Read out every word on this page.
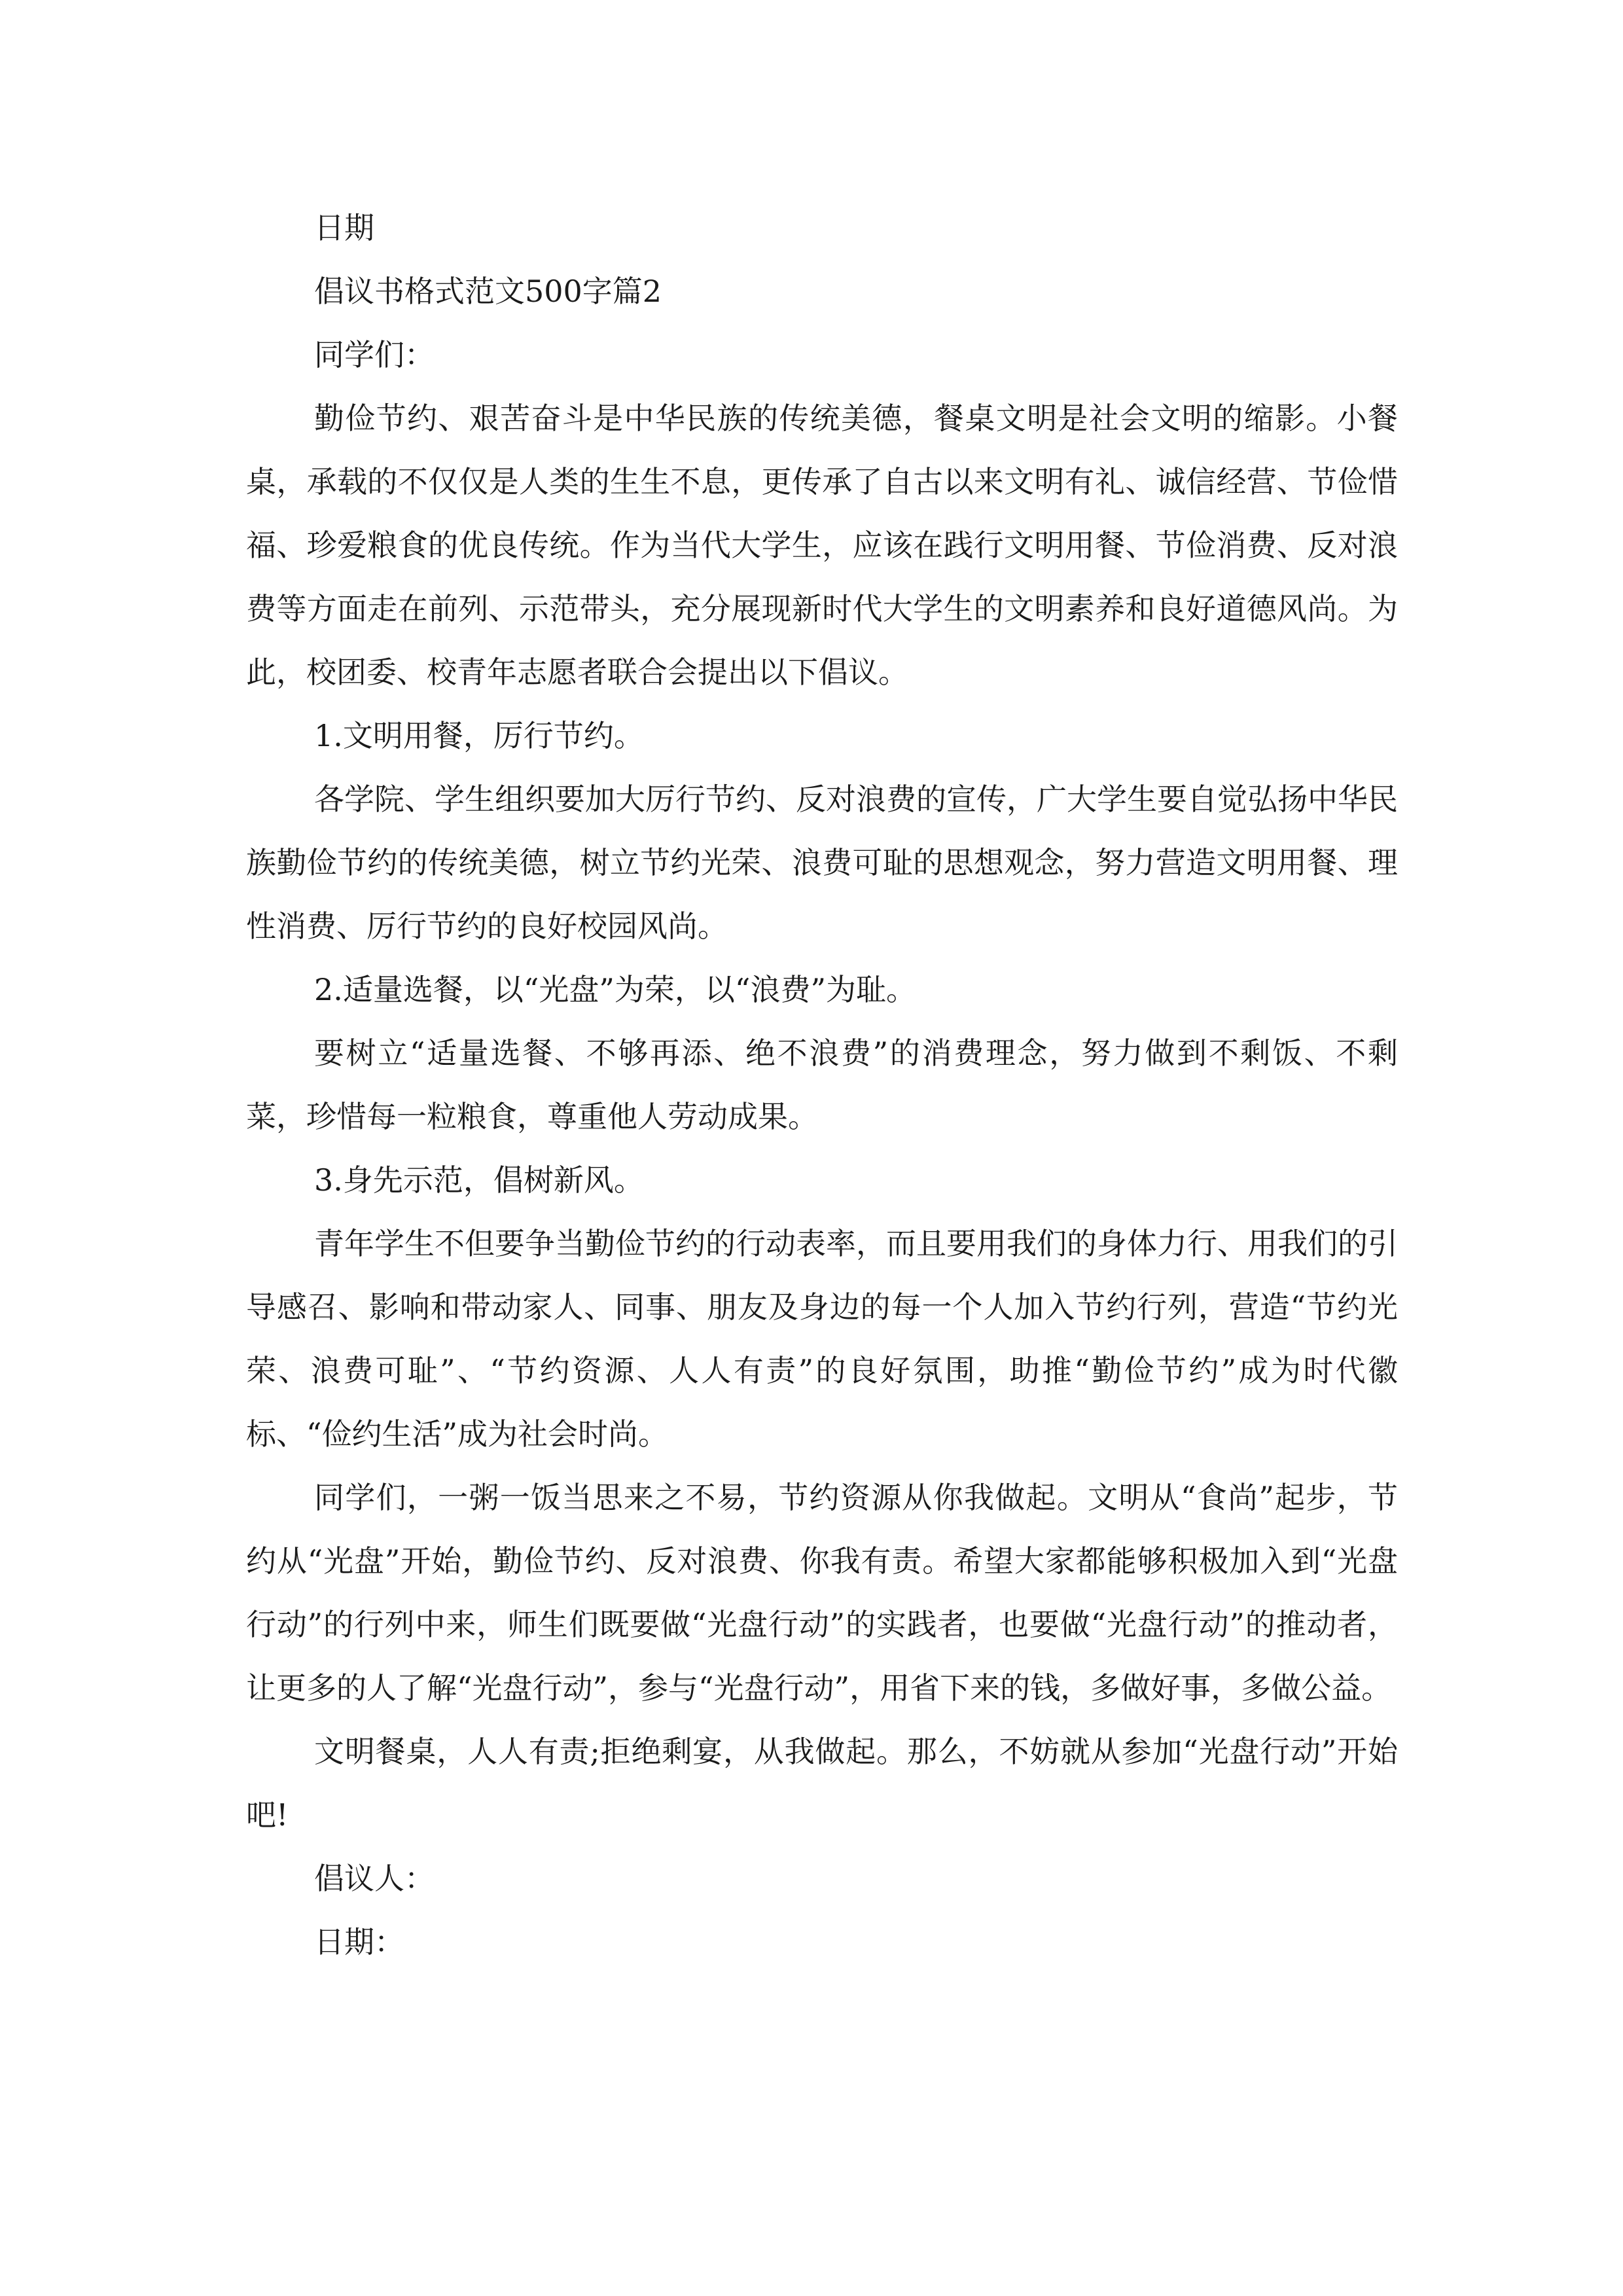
日期

倡议书格式范文500字篇2

同学们：

勤俭节约、艰苦奋斗是中华民族的传统美德，餐桌文明是社会文明的缩影。小餐桌，承载的不仅仅是人类的生生不息，更传承了自古以来文明有礼、诚信经营、节俭惜福、珍爱粮食的优良传统。作为当代大学生，应该在践行文明用餐、节俭消费、反对浪费等方面走在前列、示范带头，充分展现新时代大学生的文明素养和良好道德风尚。为此，校团委、校青年志愿者联合会提出以下倡议。

1.文明用餐，厉行节约。

各学院、学生组织要加大厉行节约、反对浪费的宣传，广大学生要自觉弘扬中华民族勤俭节约的传统美德，树立节约光荣、浪费可耻的思想观念，努力营造文明用餐、理性消费、厉行节约的良好校园风尚。

2.适量选餐，以“光盘”为荣，以“浪费”为耻。

要树立“适量选餐、不够再添、绝不浪费”的消费理念，努力做到不剩饭、不剩菜，珍惜每一粒粮食，尊重他人劳动成果。

3.身先示范，倡树新风。

青年学生不但要争当勤俭节约的行动表率，而且要用我们的身体力行、用我们的引导感召、影响和带动家人、同事、朋友及身边的每一个人加入节约行列，营造“节约光荣、浪费可耻”、“节约资源、人人有责”的良好氛围，助推“勤俭节约”成为时代徽标、“俭约生活”成为社会时尚。

同学们，一粥一饭当思来之不易，节约资源从你我做起。文明从“食尚”起步，节约从“光盘”开始，勤俭节约、反对浪费、你我有责。希望大家都能够积极加入到“光盘行动”的行列中来，师生们既要做“光盘行动”的实践者，也要做“光盘行动”的推动者，让更多的人了解“光盘行动”，参与“光盘行动”，用省下来的钱，多做好事，多做公益。

文明餐桌，人人有责;拒绝剩宴，从我做起。那么，不妨就从参加“光盘行动”开始吧!

倡议人：

日期：
